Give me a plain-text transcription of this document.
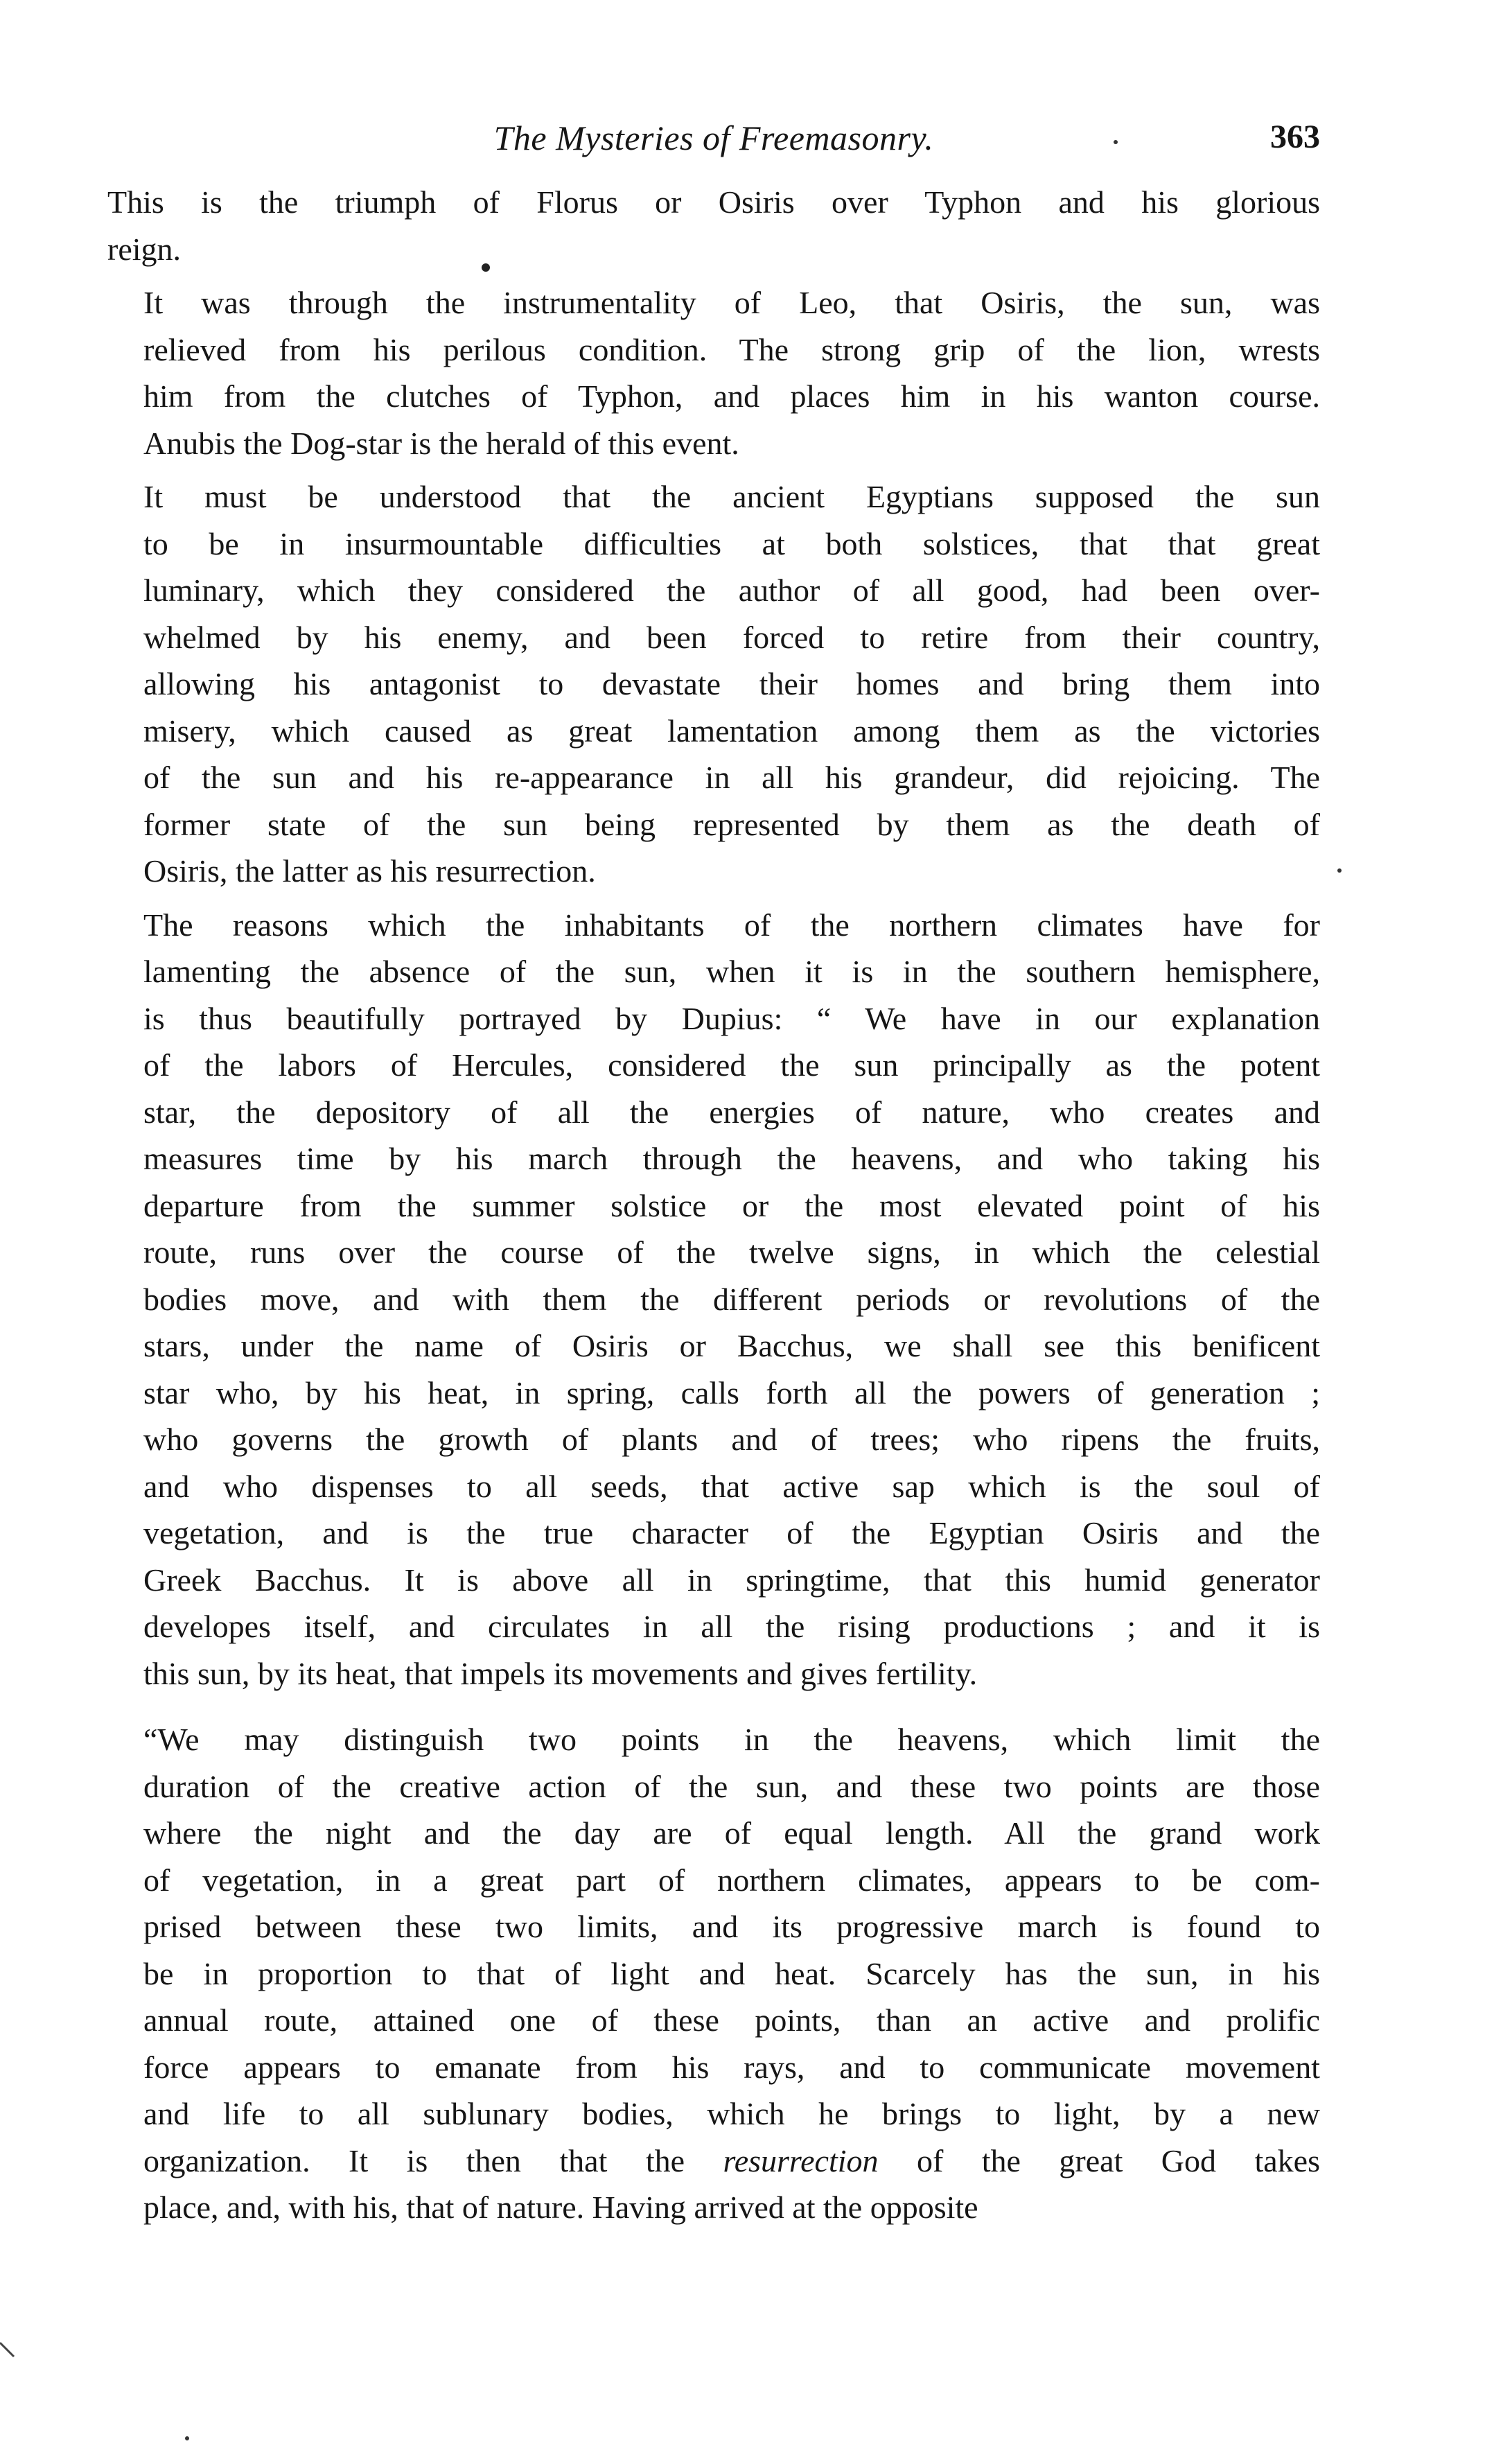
The Mysteries of Freemasonry.	363

This is the triumph of Florus or Osiris over Typhon and his glorious
reign.

It was through the instrumentality of Leo, that Osiris, the sun, was
relieved from his perilous condition. The strong grip of the lion, wrests
him from the clutches of Typhon, and places him in his wanton course.
Anubis the Dog-star is the herald of this event.

It must be understood that the ancient Egyptians supposed the sun
to be in insurmountable difficulties at both solstices, that that great
luminary, which they considered the author of all good, had been over-
whelmed by his enemy, and been forced to retire from their country,
allowing his antagonist to devastate their homes and bring them into
misery, which caused as great lamentation among them as the victories
of the sun and his re-appearance in all his grandeur, did rejoicing. The
former state of the sun being represented by them as the death of
Osiris, the latter as his resurrection.

The reasons which the inhabitants of the northern climates have for
lamenting the absence of the sun, when it is in the southern hemisphere,
is thus beautifully portrayed by Dupius: “ We have in our explanation
of the labors of Hercules, considered the sun principally as the potent
star, the depository of all the energies of nature, who creates and
measures time by his march through the heavens, and who taking his
departure from the summer solstice or the most elevated point of his
route, runs over the course of the twelve signs, in which the celestial
bodies move, and with them the different periods or revolutions of the
stars, under the name of Osiris or Bacchus, we shall see this benificent
star who, by his heat, in spring, calls forth all the powers of generation ;
who governs the growth of plants and of trees; who ripens the fruits,
and who dispenses to all seeds, that active sap which is the soul of
vegetation, and is the true character of the Egyptian Osiris and the
Greek Bacchus. It is above all in springtime, that this humid generator
developes itself, and circulates in all the rising productions ; and it is
this sun, by its heat, that impels its movements and gives fertility.

“We may distinguish two points in the heavens, which limit the
duration of the creative action of the sun, and these two points are those
where the night and the day are of equal length. All the grand work
of vegetation, in a great part of northern climates, appears to be com-
prised between these two limits, and its progressive march is found to
be in proportion to that of light and heat. Scarcely has the sun, in his
annual route, attained one of these points, than an active and prolific
force appears to emanate from his rays, and to communicate movement
and life to all sublunary bodies, which he brings to light, by a new
organization. It is then that the resurrection of the great God takes
place, and, with his, that of nature. Having arrived at the opposite
